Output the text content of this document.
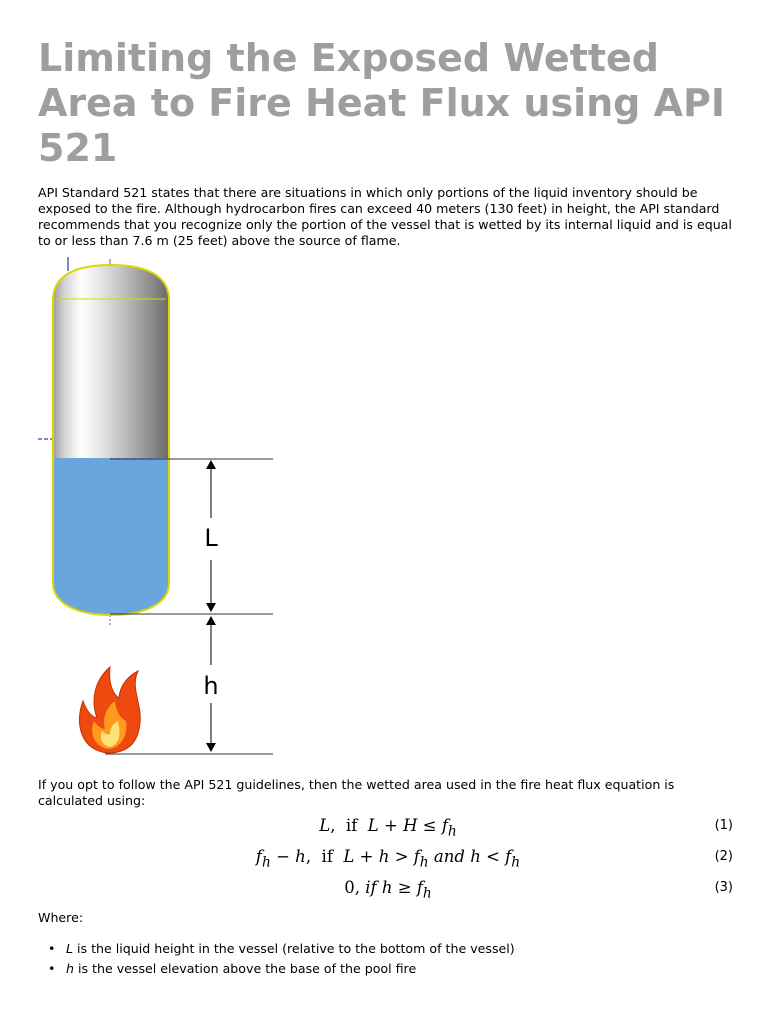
Limiting the Exposed Wetted Area to Fire Heat Flux using API 521

API Standard 521 states that there are situations in which only portions of the liquid inventory should be exposed to the fire. Although hydrocarbon fires can exceed 40 meters (130 feet) in height, the API standard recommends that you recognize only the portion of the vessel that is wetted by its internal liquid and is equal to or less than 7.6 m (25 feet) above the source of flame.

L
h

If you opt to follow the API 521 guidelines, then the wetted area used in the fire heat flux equation is calculated using:

L,  if  $L + H \le f_h$	(1)
$f_h - h$,  if  $L + h > f_h$ and $h < f_h$	(2)
0, if $h \ge f_h$	(3)

Where:

• L is the liquid height in the vessel (relative to the bottom of the vessel)
• h is the vessel elevation above the base of the pool fire
